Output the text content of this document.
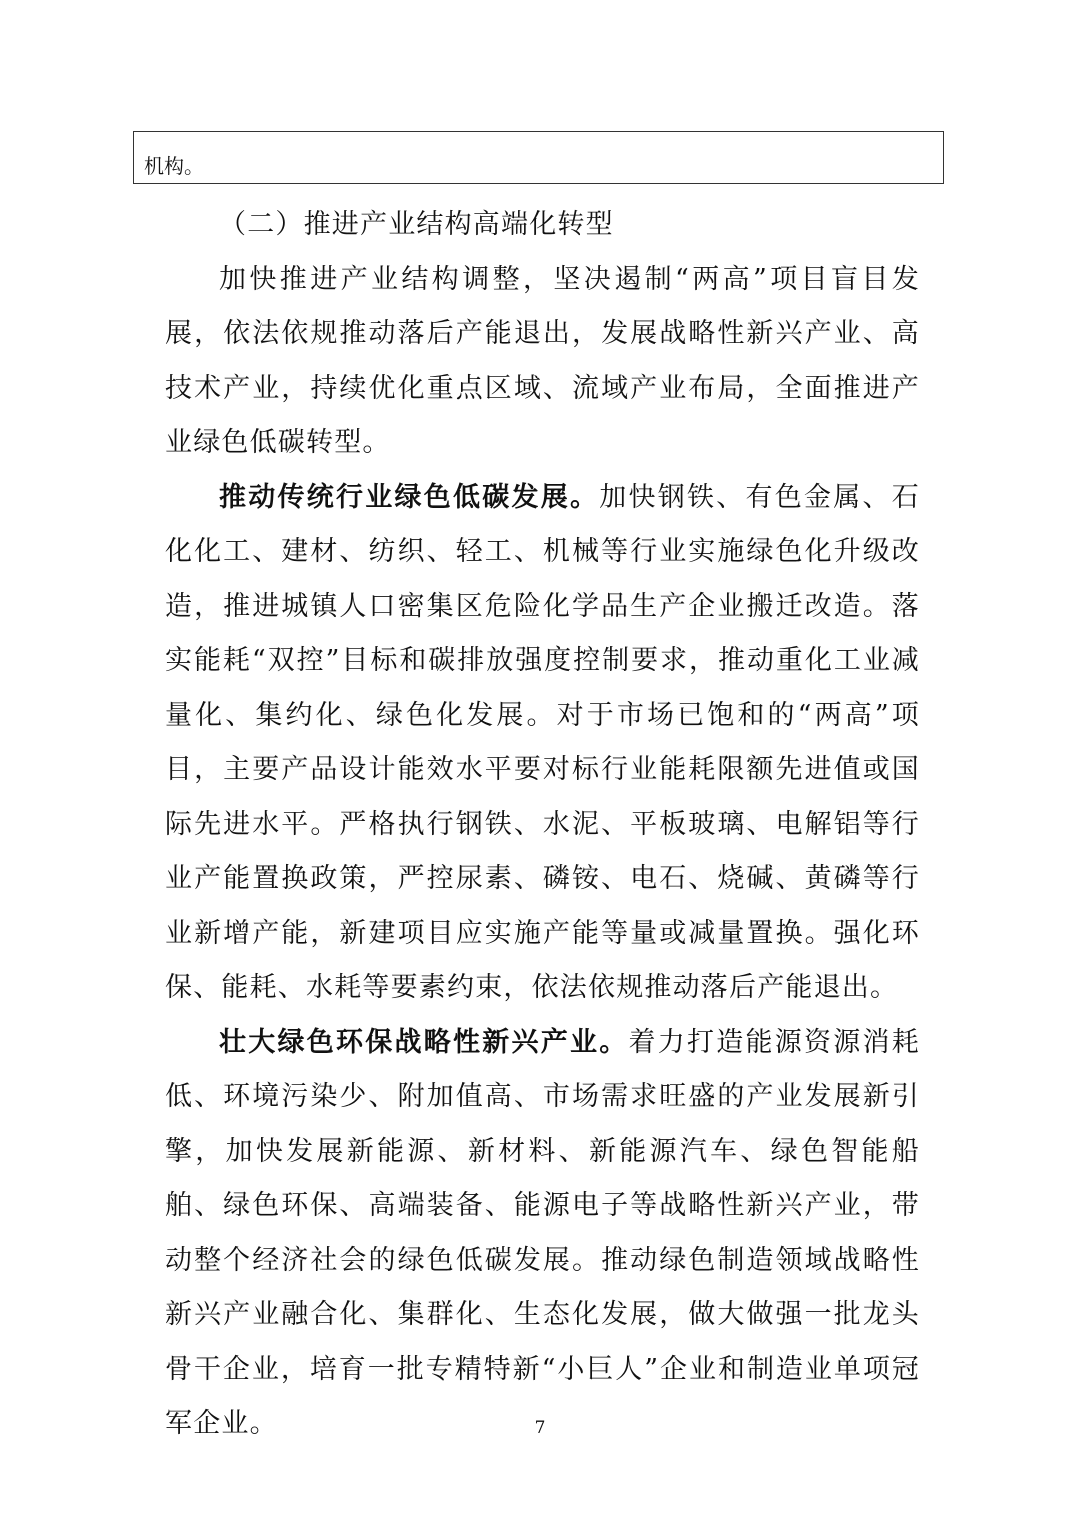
机构。

（二）推进产业结构高端化转型

加快推进产业结构调整，坚决遏制“两高”项目盲目发展，依法依规推动落后产能退出，发展战略性新兴产业、高技术产业，持续优化重点区域、流域产业布局，全面推进产业绿色低碳转型。

推动传统行业绿色低碳发展。加快钢铁、有色金属、石化化工、建材、纺织、轻工、机械等行业实施绿色化升级改造，推进城镇人口密集区危险化学品生产企业搬迁改造。落实能耗“双控”目标和碳排放强度控制要求，推动重化工业减量化、集约化、绿色化发展。对于市场已饱和的“两高”项目，主要产品设计能效水平要对标行业能耗限额先进值或国际先进水平。严格执行钢铁、水泥、平板玻璃、电解铝等行业产能置换政策，严控尿素、磷铵、电石、烧碱、黄磷等行业新增产能，新建项目应实施产能等量或减量置换。强化环保、能耗、水耗等要素约束，依法依规推动落后产能退出。

壮大绿色环保战略性新兴产业。着力打造能源资源消耗低、环境污染少、附加值高、市场需求旺盛的产业发展新引擎，加快发展新能源、新材料、新能源汽车、绿色智能船舶、绿色环保、高端装备、能源电子等战略性新兴产业，带动整个经济社会的绿色低碳发展。推动绿色制造领域战略性新兴产业融合化、集群化、生态化发展，做大做强一批龙头骨干企业，培育一批专精特新“小巨人”企业和制造业单项冠军企业。	7
